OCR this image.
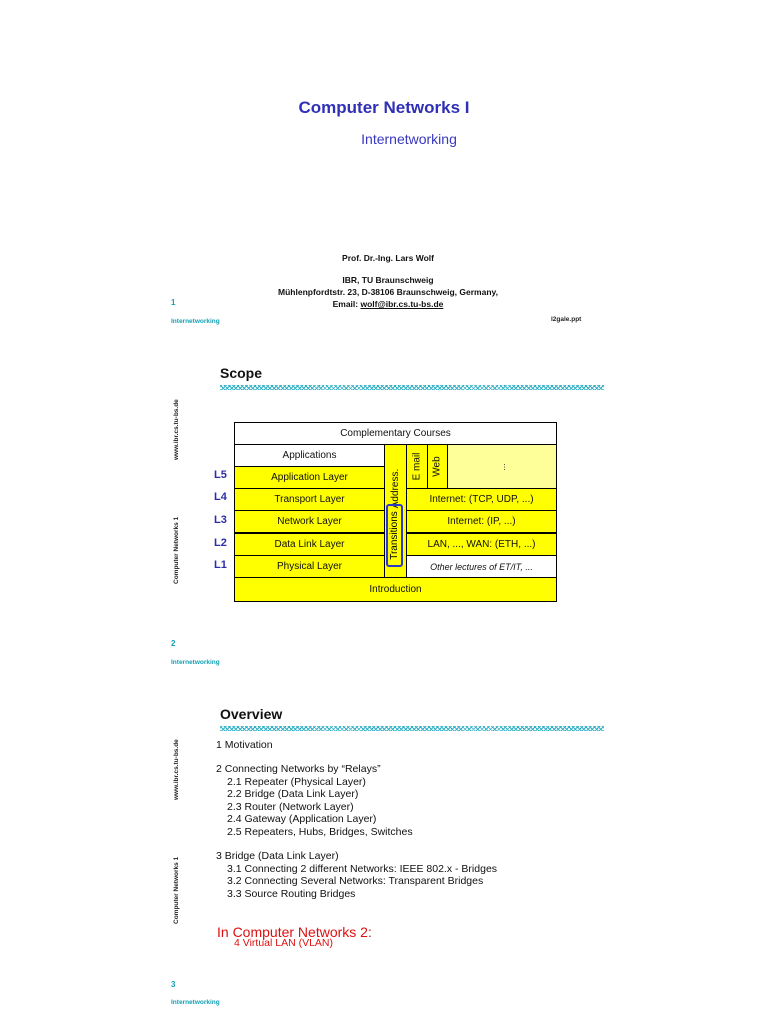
Computer Networks I
Internetworking
Prof. Dr.-Ing. Lars Wolf
IBR, TU Braunschweig
Mühlenpfordtstr. 23, D-38106 Braunschweig, Germany,
Email: wolf@ibr.cs.tu-bs.de
1
Internetworking	l2gale.ppt
Scope
www.ibr.cs.tu-bs.de
Computer Networks 1
Complementary Courses
Applications
Application Layer
Transport Layer
Network Layer
Data Link Layer
Physical Layer
Address.
Transitions
E mail Web	...
Internet: (TCP, UDP, ...)
Internet: (IP, ...)
LAN, ..., WAN: (ETH, ...)
Other lectures of ET/IT, ...
Introduction
L5
L4
L3
L2
L1
2
Internetworking
Overview
www.ibr.cs.tu-bs.de
Computer Networks 1
1 Motivation
2 Connecting Networks by “Relays”
2.1 Repeater (Physical Layer)
2.2 Bridge (Data Link Layer)
2.3 Router (Network Layer)
2.4 Gateway (Application Layer)
2.5 Repeaters, Hubs, Bridges, Switches
3 Bridge (Data Link Layer)
3.1 Connecting 2 different Networks: IEEE 802.x - Bridges
3.2 Connecting Several Networks: Transparent Bridges
3.3 Source Routing Bridges
In Computer Networks 2:
4 Virtual LAN (VLAN)
3
Internetworking
